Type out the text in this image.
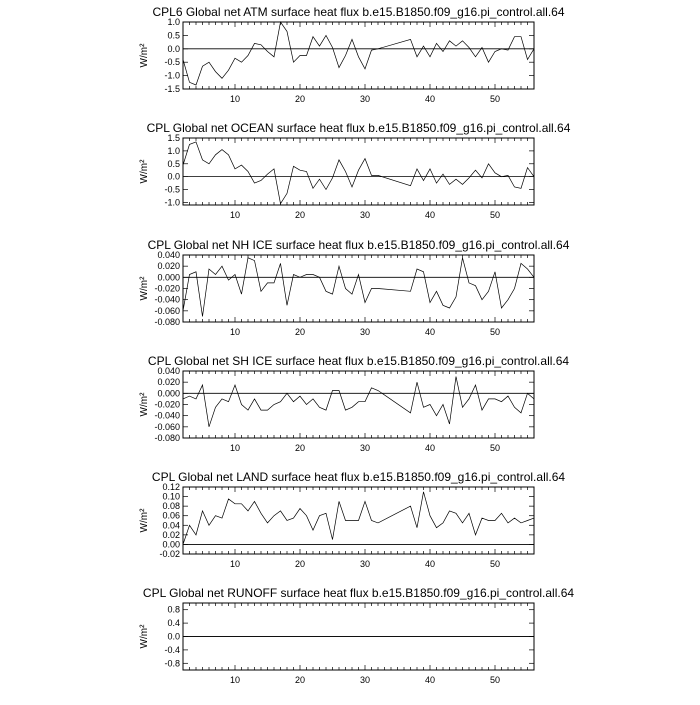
CPL6 Global net ATM surface heat flux b.e15.B1850.f09_g16.pi_control.all.64
W/m²
10	20	30	40	50
-1.5
-1.0
-0.5
0.0
0.5
1.0
CPL Global net OCEAN surface heat flux b.e15.B1850.f09_g16.pi_control.all.64
W/m²
10	20	30	40	50
-1.0
-0.5
0.0
0.5
1.0
1.5
CPL Global net NH ICE surface heat flux b.e15.B1850.f09_g16.pi_control.all.64
W/m²
10	20	30	40	50
-0.080
-0.060
-0.040
-0.020
0.000
0.020
0.040
CPL Global net SH ICE surface heat flux b.e15.B1850.f09_g16.pi_control.all.64
W/m²
10	20	30	40	50
-0.080
-0.060
-0.040
-0.020
0.000
0.020
0.040
CPL Global net LAND surface heat flux b.e15.B1850.f09_g16.pi_control.all.64
W/m²
10	20	30	40	50
-0.02
0.00
0.02
0.04
0.06
0.08
0.10
0.12
CPL Global net RUNOFF surface heat flux b.e15.B1850.f09_g16.pi_control.all.64
W/m²
10	20	30	40	50
-0.8
-0.4
0.0
0.4
0.8
